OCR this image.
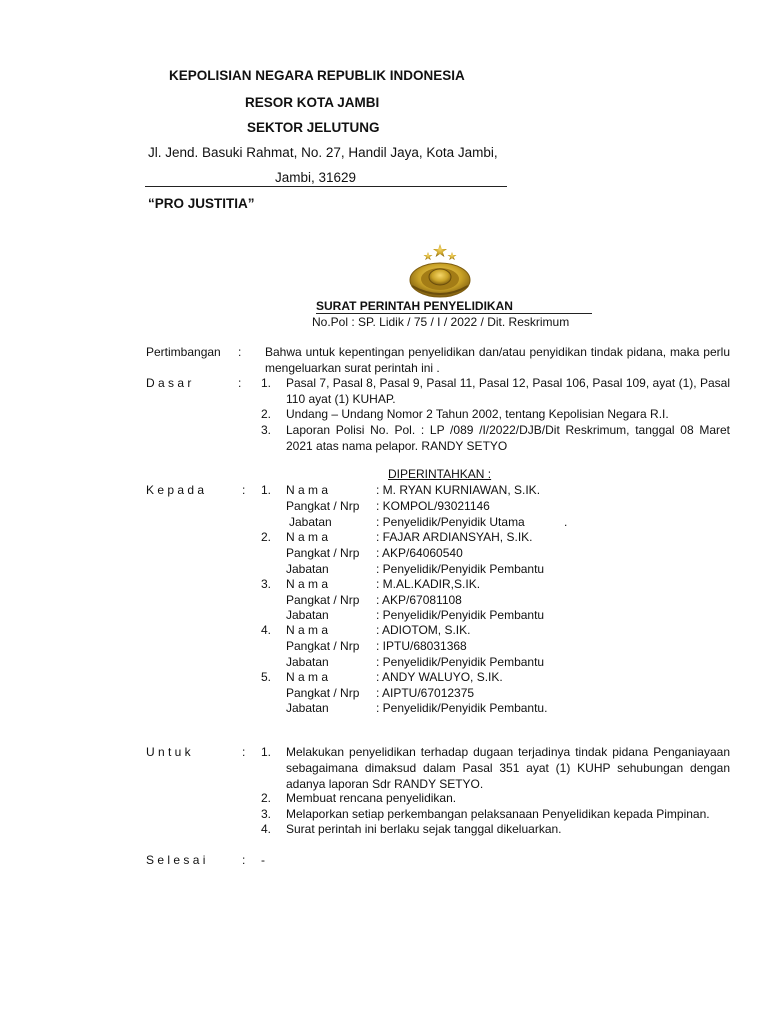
KEPOLISIAN NEGARA REPUBLIK INDONESIA
RESOR KOTA JAMBI
SEKTOR JELUTUNG
Jl. Jend. Basuki Rahmat, No. 27, Handil Jaya, Kota Jambi,
Jambi, 31629
“PRO JUSTITIA”
SURAT PERINTAH PENYELIDIKAN
No.Pol : SP. Lidik / 75 / I / 2022 / Dit. Reskrimum
Pertimbangan : Bahwa untuk kepentingan penyelidikan dan/atau penyidikan tindak pidana, maka perlu mengeluarkan surat perintah ini .
D a s a r	: 1. Pasal 7, Pasal 8, Pasal 9, Pasal 11, Pasal 12, Pasal 106, Pasal 109, ayat (1), Pasal 110 ayat (1) KUHAP.
2. Undang – Undang Nomor 2 Tahun 2002, tentang Kepolisian Negara R.I.
3. Laporan Polisi No. Pol. : LP /089 /I/2022/DJB/Dit Reskrimum, tanggal 08 Maret 2021 atas nama pelapor. RANDY SETYO
DIPERINTAHKAN :
K e p a d a	: 1. N a m a	: M. RYAN KURNIAWAN, S.IK.
Pangkat / Nrp : KOMPOL/93021146
Jabatan	: Penyelidik/Penyidik Utama	.
2. N a m a	: FAJAR ARDIANSYAH, S.IK.
Pangkat / Nrp : AKP/64060540
Jabatan	: Penyelidik/Penyidik Pembantu
3. N a m a	: M.AL.KADIR,S.IK.
Pangkat / Nrp : AKP/67081108
Jabatan	: Penyelidik/Penyidik Pembantu
4. N a m a	: ADIOTOM, S.IK.
Pangkat / Nrp : IPTU/68031368
Jabatan	: Penyelidik/Penyidik Pembantu
5. N a m a	: ANDY WALUYO, S.IK.
Pangkat / Nrp : AIPTU/67012375
Jabatan	: Penyelidik/Penyidik Pembantu.
U n t u k	: 1. Melakukan penyelidikan terhadap dugaan terjadinya tindak pidana Penganiayaan sebagaimana dimaksud dalam Pasal 351 ayat (1) KUHP sehubungan dengan adanya laporan Sdr RANDY SETYO.
2. Membuat rencana penyelidikan.
3. Melaporkan setiap perkembangan pelaksanaan Penyelidikan kepada Pimpinan.
4. Surat perintah ini berlaku sejak tanggal dikeluarkan.
S e l e s a i	: -
